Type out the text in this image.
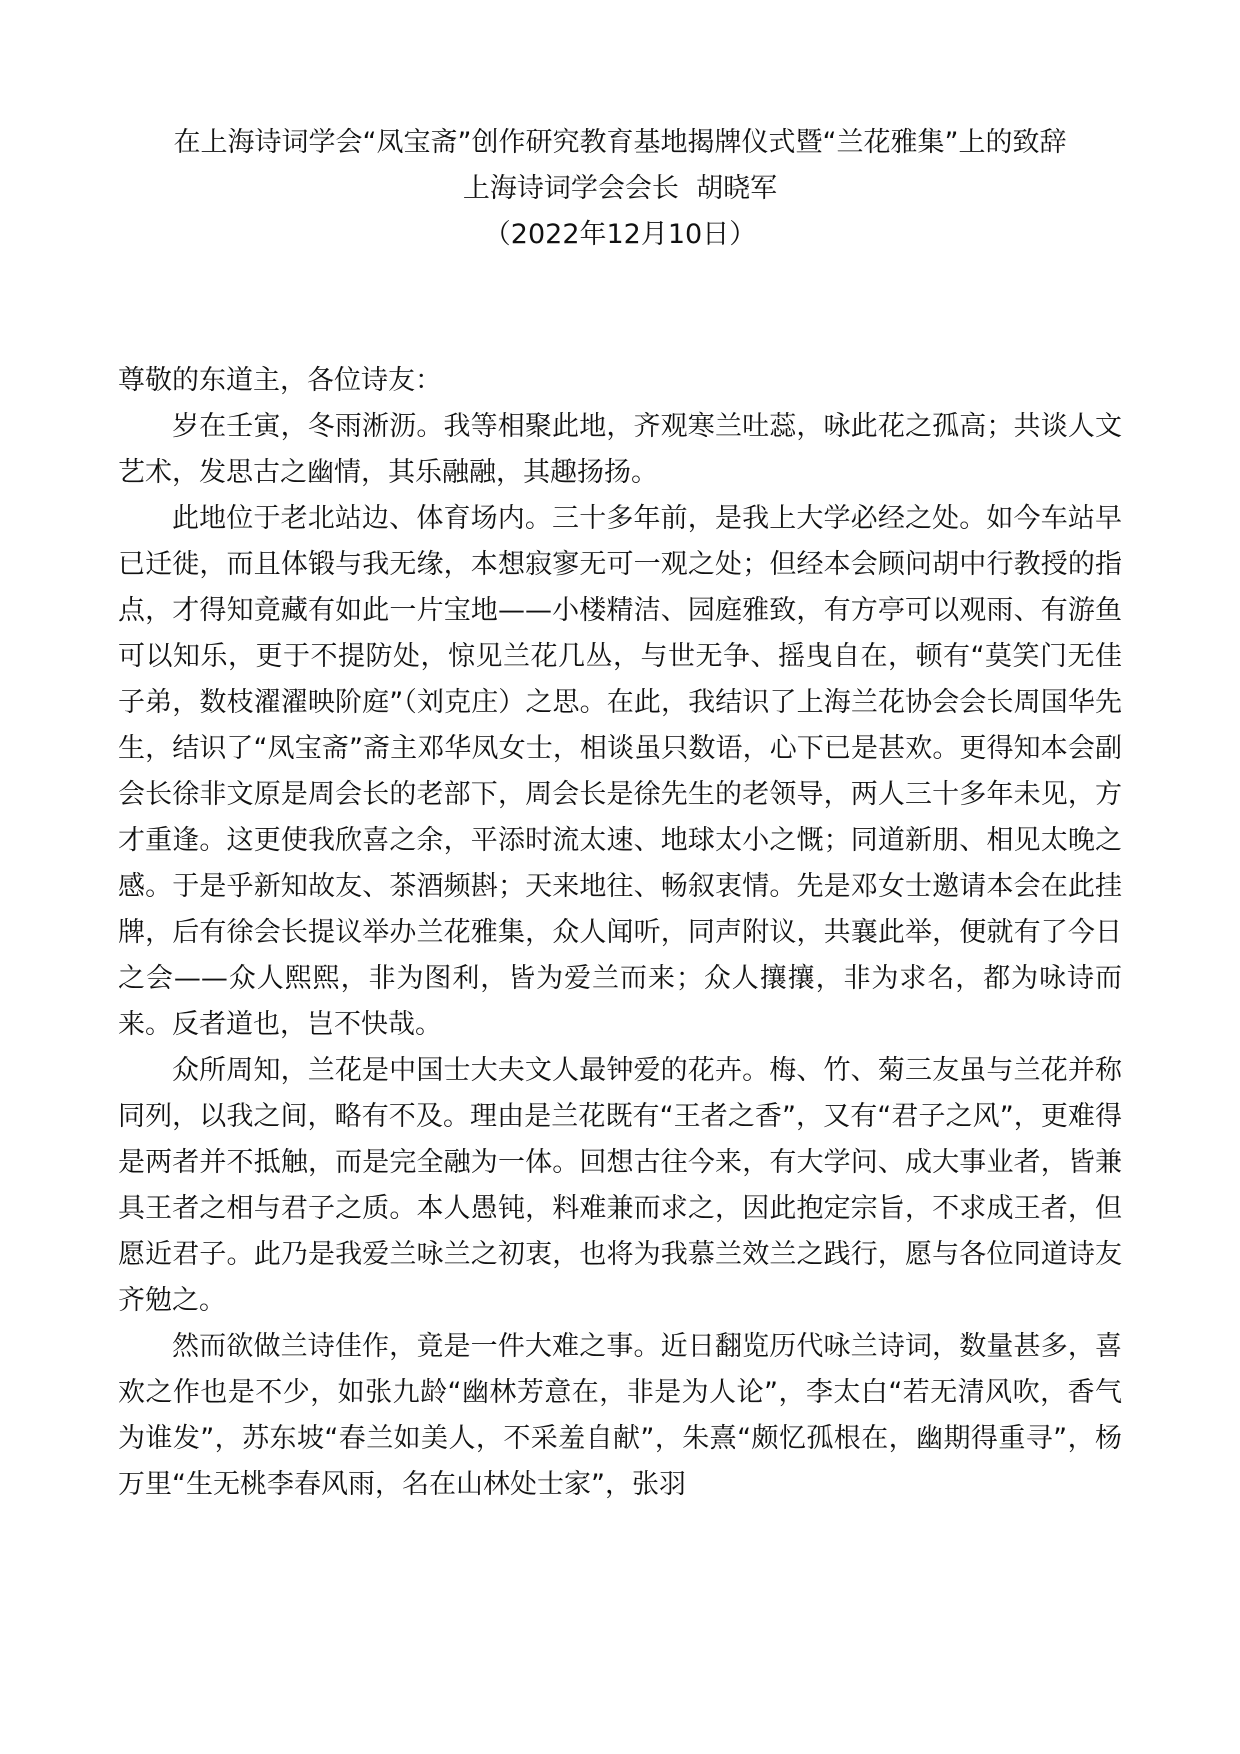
在上海诗词学会“凤宝斋”创作研究教育基地揭牌仪式暨“兰花雅集”上的致辞

上海诗词学会会长  胡晓军

（2022年12月10日）

尊敬的东道主，各位诗友：

岁在壬寅，冬雨淅沥。我等相聚此地，齐观寒兰吐蕊，咏此花之孤高；共谈人文艺术，发思古之幽情，其乐融融，其趣扬扬。

此地位于老北站边、体育场内。三十多年前，是我上大学必经之处。如今车站早已迁徙，而且体锻与我无缘，本想寂寥无可一观之处；但经本会顾问胡中行教授的指点，才得知竟藏有如此一片宝地——小楼精洁、园庭雅致，有方亭可以观雨、有游鱼可以知乐，更于不提防处，惊见兰花几丛，与世无争、摇曳自在，顿有“莫笑门无佳子弟，数枝濯濯映阶庭”（刘克庄）之思。在此，我结识了上海兰花协会会长周国华先生，结识了“凤宝斋”斋主邓华凤女士，相谈虽只数语，心下已是甚欢。更得知本会副会长徐非文原是周会长的老部下，周会长是徐先生的老领导，两人三十多年未见，方才重逢。这更使我欣喜之余，平添时流太速、地球太小之慨；同道新朋、相见太晚之感。于是乎新知故友、茶酒频斟；天来地往、畅叙衷情。先是邓女士邀请本会在此挂牌，后有徐会长提议举办兰花雅集，众人闻听，同声附议，共襄此举，便就有了今日之会——众人熙熙，非为图利，皆为爱兰而来；众人攘攘，非为求名，都为咏诗而来。反者道也，岂不快哉。

众所周知，兰花是中国士大夫文人最钟爱的花卉。梅、竹、菊三友虽与兰花并称同列，以我之间，略有不及。理由是兰花既有“王者之香”，又有“君子之风”，更难得是两者并不抵触，而是完全融为一体。回想古往今来，有大学问、成大事业者，皆兼具王者之相与君子之质。本人愚钝，料难兼而求之，因此抱定宗旨，不求成王者，但愿近君子。此乃是我爱兰咏兰之初衷，也将为我慕兰效兰之践行，愿与各位同道诗友齐勉之。

然而欲做兰诗佳作，竟是一件大难之事。近日翻览历代咏兰诗词，数量甚多，喜欢之作也是不少，如张九龄“幽林芳意在，非是为人论”，李太白“若无清风吹，香气为谁发”，苏东坡“春兰如美人，不采羞自献”，朱熹“颇忆孤根在，幽期得重寻”，杨万里“生无桃李春风雨，名在山林处士家”，张羽
